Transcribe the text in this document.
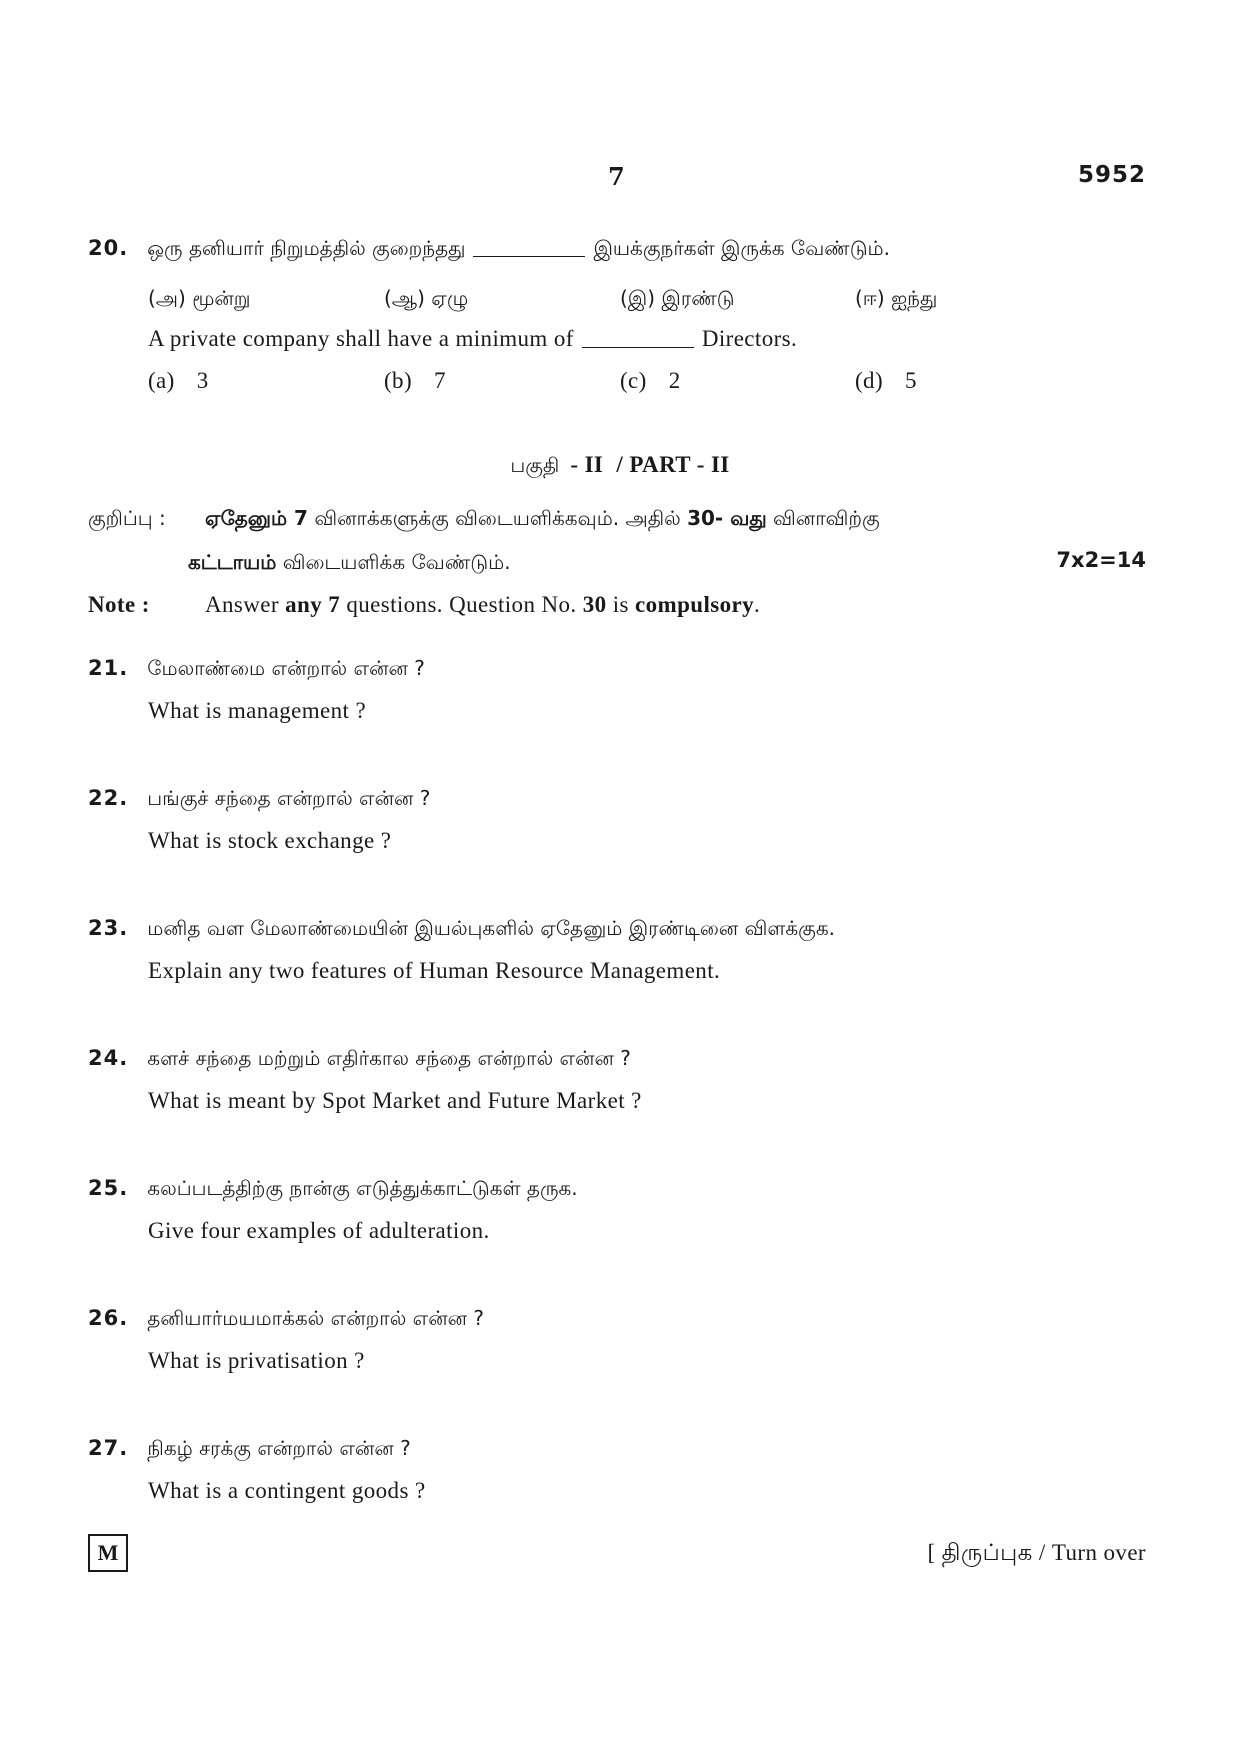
7	5952
20. ஒரு தனியார் நிறுமத்தில் குறைந்தது	இயக்குநர்கள் இருக்க வேண்டும்.
(அ) மூன்று	(ஆ) ஏழு	(இ) இரண்டு	(ஈ) ஐந்து
A private company shall have a minimum of	Directors.
(a) 3	(b) 7	(c) 2	(d) 5
பகுதி - II / PART - II
குறிப்பு : ஏதேனும் 7 வினாக்களுக்கு விடையளிக்கவும். அதில் 30- வது வினாவிற்கு
கட்டாயம் விடையளிக்க வேண்டும்.	7x2=14
Note : Answer any 7 questions. Question No. 30 is compulsory.
21. மேலாண்மை என்றால் என்ன ?
What is management ?
22. பங்குச் சந்தை என்றால் என்ன ?
What is stock exchange ?
23. மனித வள மேலாண்மையின் இயல்புகளில் ஏதேனும் இரண்டினை விளக்குக.
Explain any two features of Human Resource Management.
24. களச் சந்தை மற்றும் எதிர்கால சந்தை என்றால் என்ன ?
What is meant by Spot Market and Future Market ?
25. கலப்படத்திற்கு நான்கு எடுத்துக்காட்டுகள் தருக.
Give four examples of adulteration.
26. தனியார்மயமாக்கல் என்றால் என்ன ?
What is privatisation ?
27. நிகழ் சரக்கு என்றால் என்ன ?
What is a contingent goods ?
M	[ திருப்புக / Turn over
